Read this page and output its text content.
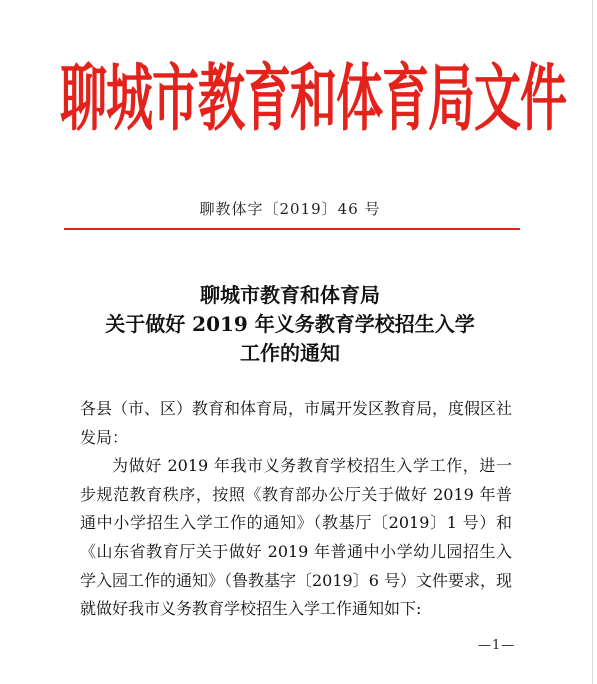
聊城市教育和体育局文件
聊教体字〔2019〕46 号
聊城市教育和体育局
关于做好 2019 年义务教育学校招生入学
工作的通知

各县（市、区）教育和体育局，市属开发区教育局，度假区社发局：

为做好 2019 年我市义务教育学校招生入学工作，进一步规范教育秩序，按照《教育部办公厅关于做好 2019 年普通中小学招生入学工作的通知》（教基厅〔2019〕1 号）和《山东省教育厅关于做好 2019 年普通中小学幼儿园招生入学入园工作的通知》（鲁教基字〔2019〕6 号）文件要求，现就做好我市义务教育学校招生入学工作通知如下:

—1—
